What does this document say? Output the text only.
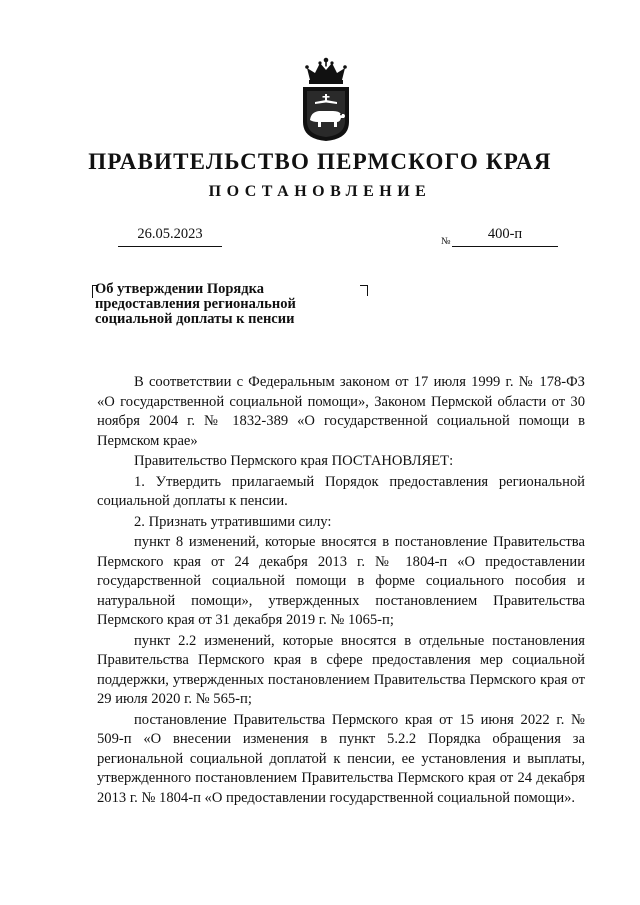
ПРАВИТЕЛЬСТВО ПЕРМСКОГО КРАЯ
ПОСТАНОВЛЕНИЕ
26.05.2023	№	400-п
Об утверждении Порядка
предоставления региональной
социальной доплаты к пенсии

В соответствии с Федеральным законом от 17 июля 1999 г. № 178-ФЗ «О государственной социальной помощи», Законом Пермской области от 30 ноября 2004 г. № 1832-389 «О государственной социальной помощи в Пермском крае»

Правительство Пермского края ПОСТАНОВЛЯЕТ:

1. Утвердить прилагаемый Порядок предоставления региональной социальной доплаты к пенсии.

2. Признать утратившими силу:

пункт 8 изменений, которые вносятся в постановление Правительства Пермского края от 24 декабря 2013 г. № 1804-п «О предоставлении государственной социальной помощи в форме социального пособия и натуральной помощи», утвержденных постановлением Правительства Пермского края от 31 декабря 2019 г. № 1065-п;

пункт 2.2 изменений, которые вносятся в отдельные постановления Правительства Пермского края в сфере предоставления мер социальной поддержки, утвержденных постановлением Правительства Пермского края от 29 июля 2020 г. № 565-п;

постановление Правительства Пермского края от 15 июня 2022 г. № 509-п «О внесении изменения в пункт 5.2.2 Порядка обращения за региональной социальной доплатой к пенсии, ее установления и выплаты, утвержденного постановлением Правительства Пермского края от 24 декабря 2013 г. № 1804-п «О предоставлении государственной социальной помощи».
